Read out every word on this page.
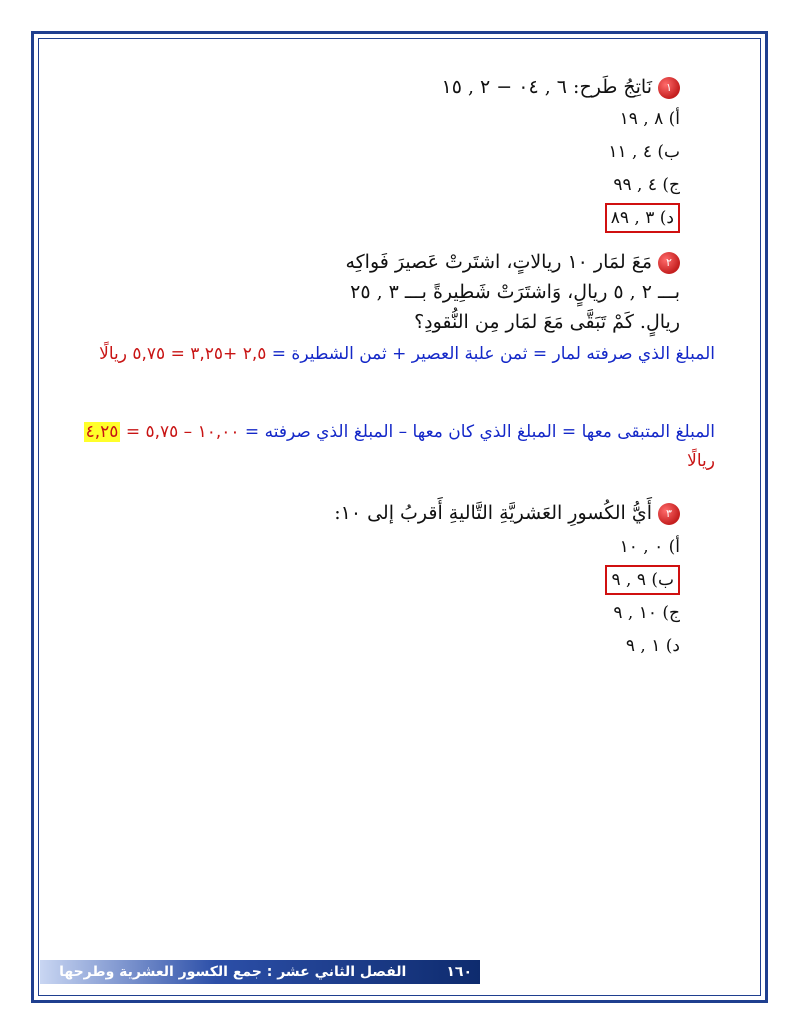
١نَاتِجُ طَرح: ٦ , ٠٤ − ٢ , ١٥
أ) ٨ , ١٩
ب) ٤ , ١١
ج) ٤ , ٩٩
د) ٣ , ٨٩
٢مَعَ لمَار ١٠ ريالاتٍ، اشتَرتْ عَصيرَ فَواكِه
بـــ ٢ , ٥ ريالٍ، وَاشتَرَتْ شَطِيرةً بـــ ٣ , ٢٥
ريالٍ. كَمْ تَبَقَّى مَعَ لمَار مِن النُّقودِ؟
المبلغ الذي صرفته لمار = ثمن علبة العصير + ثمن الشطيرة = ٢,٥ +٣,٢٥ = ٥,٧٥ ريالًا
المبلغ المتبقى معها = المبلغ الذي كان معها – المبلغ الذي صرفته = ١٠,٠٠ – ٥,٧٥ = ٤,٢٥ ريالًا
٣أَيُّ الكُسورِ العَشريَّةِ التَّاليةِ أَقربُ إلى ١٠:
أ) ٠ , ١٠
ب) ٩ , ٩
ج) ١٠ , ٩
د) ١ , ٩
١٦٠الفصل الثاني عشر : جمع الكسور العشرية وطرحها
